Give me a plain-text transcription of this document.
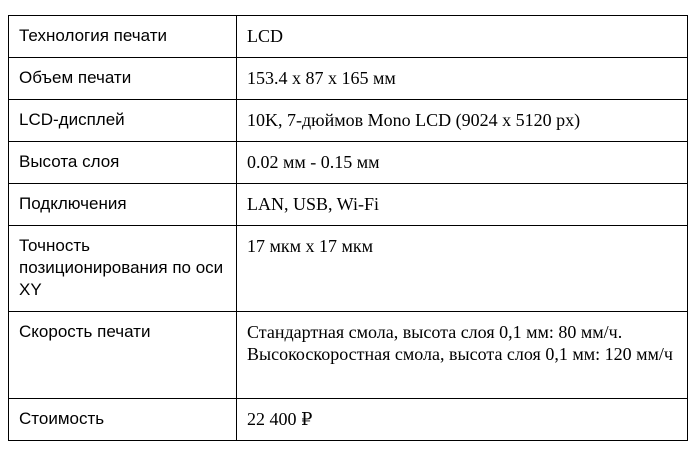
Технология печати	LCD
Объем печати	153.4 x 87 x 165 мм
LCD-дисплей	10K, 7-дюймов Mono LCD (9024 x 5120 px)
Высота слоя	0.02 мм - 0.15 мм
Подключения	LAN, USB, Wi-Fi
Точность позиционирования по оси XY	17 мкм x 17 мкм
Скорость печати	Стандартная смола, высота слоя 0,1 мм: 80 мм/ч. Высокоскоростная смола, высота слоя 0,1 мм: 120 мм/ч
Стоимость	22 400 ₽
